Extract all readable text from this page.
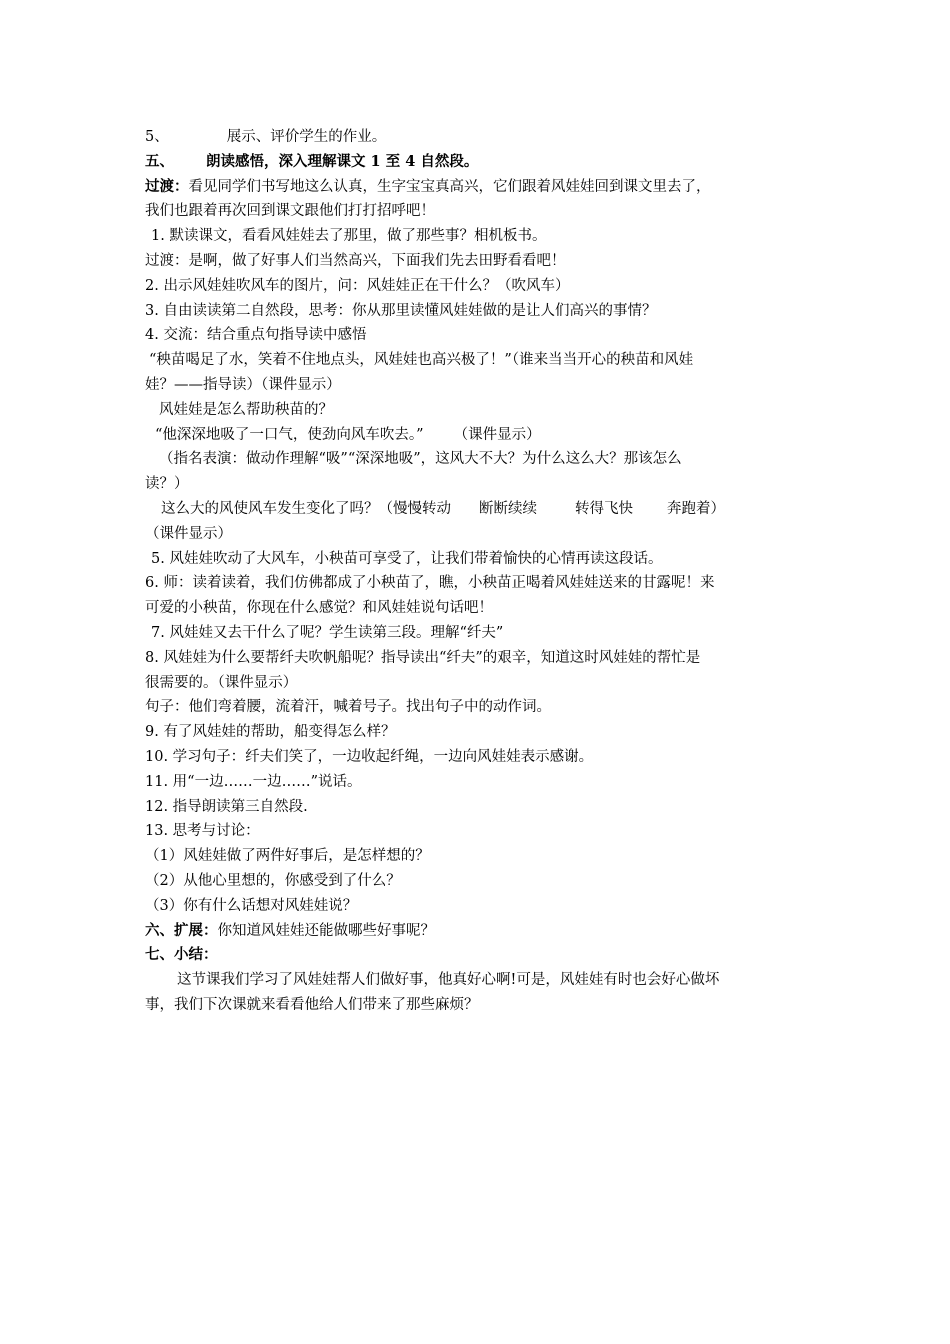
5、	展示、评价学生的作业。
五、 朗读感悟，深入理解课文 1 至 4 自然段。
过渡：看见同学们书写地这么认真，生字宝宝真高兴，它们跟着风娃娃回到课文里去了，
我们也跟着再次回到课文跟他们打打招呼吧！
1. 默读课文，看看风娃娃去了那里，做了那些事？相机板书。
过渡：是啊，做了好事人们当然高兴，下面我们先去田野看看吧！
2. 出示风娃娃吹风车的图片，问：风娃娃正在干什么？（吹风车）
3. 自由读读第二自然段，思考：你从那里读懂风娃娃做的是让人们高兴的事情？
4. 交流：结合重点句指导读中感悟
“秧苗喝足了水，笑着不住地点头，风娃娃也高兴极了！”（谁来当当开心的秧苗和风娃
娃？——指导读）（课件显示）
风娃娃是怎么帮助秧苗的？
“他深深地吸了一口气，使劲向风车吹去。” （课件显示）
（指名表演：做动作理解“吸”“深深地吸”，这风大不大？为什么这么大？那该怎么
读？）
这么大的风使风车发生变化了吗？（慢慢转动 断断续续	转得飞快 奔跑着）
（课件显示）
5. 风娃娃吹动了大风车，小秧苗可享受了，让我们带着愉快的心情再读这段话。
6. 师：读着读着，我们仿佛都成了小秧苗了，瞧，小秧苗正喝着风娃娃送来的甘露呢！来
可爱的小秧苗，你现在什么感觉？和风娃娃说句话吧！
7. 风娃娃又去干什么了呢？学生读第三段。理解“纤夫”
8. 风娃娃为什么要帮纤夫吹帆船呢？指导读出“纤夫”的艰辛，知道这时风娃娃的帮忙是
很需要的。（课件显示）
句子：他们弯着腰，流着汗，喊着号子。找出句子中的动作词。
9. 有了风娃娃的帮助，船变得怎么样？
10. 学习句子：纤夫们笑了，一边收起纤绳，一边向风娃娃表示感谢。
11. 用“一边……一边……”说话。
12. 指导朗读第三自然段.
13. 思考与讨论：
（1）风娃娃做了两件好事后，是怎样想的？
（2）从他心里想的，你感受到了什么？
（3）你有什么话想对风娃娃说？
六、扩展：你知道风娃娃还能做哪些好事呢？
七、小结：
这节课我们学习了风娃娃帮人们做好事，他真好心啊!可是，风娃娃有时也会好心做坏
事，我们下次课就来看看他给人们带来了那些麻烦？
